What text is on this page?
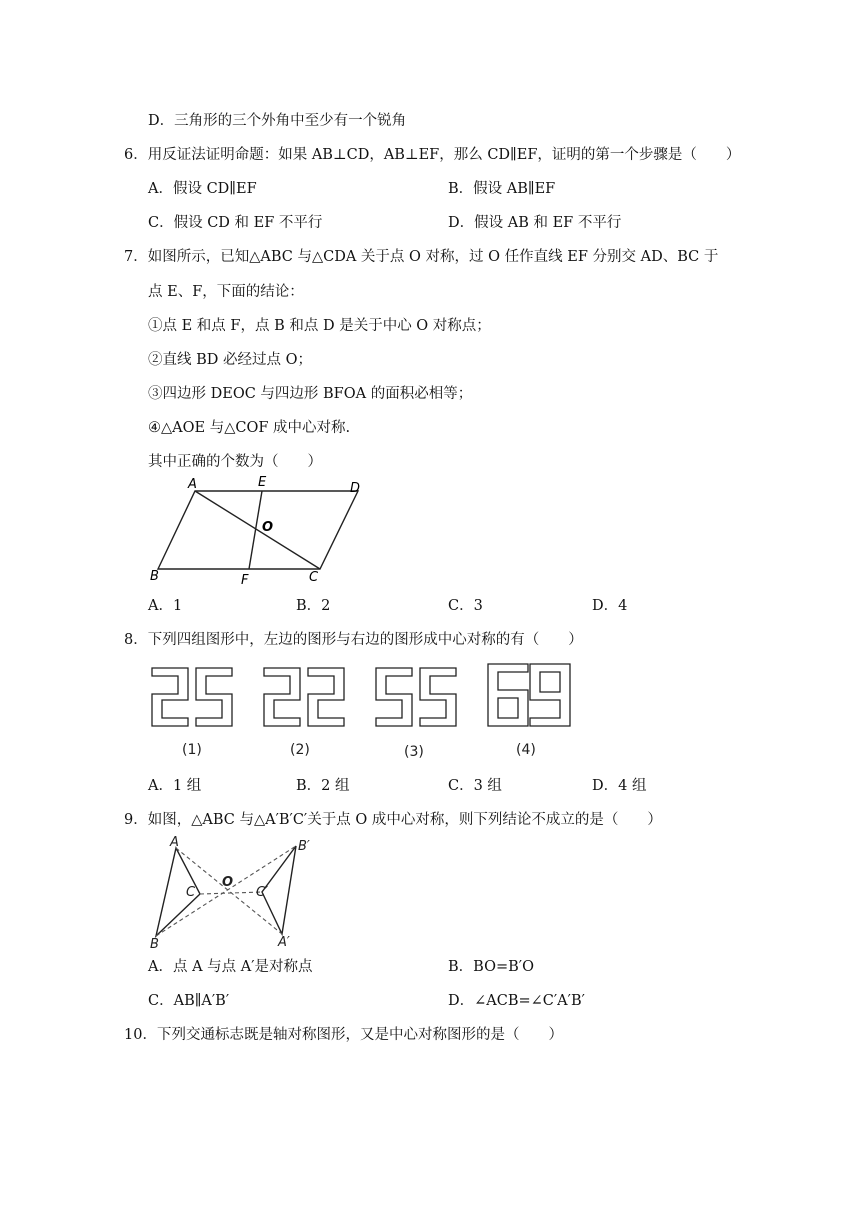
D．三角形的三个外角中至少有一个锐角
6．用反证法证明命题：如果 AB⊥CD，AB⊥EF，那么 CD∥EF，证明的第一个步骤是（　　）
A．假设 CD∥EF	B．假设 AB∥EF
C．假设 CD 和 EF 不平行	D．假设 AB 和 EF 不平行
7．如图所示，已知△ABC 与△CDA 关于点 O 对称，过 O 任作直线 EF 分别交 AD、BC 于
点 E、F，下面的结论：
①点 E 和点 F，点 B 和点 D 是关于中心 O 对称点；
②直线 BD 必经过点 O；
③四边形 DEOC 与四边形 BFOA 的面积必相等；
④△AOE 与△COF 成中心对称.
其中正确的个数为（　　）
A	E	D
O
B	F	C
A．1	B．2	C．3	D．4
8．下列四组图形中，左边的图形与右边的图形成中心对称的有（　　）
(1)	(2)	(3)	(4)
A．1 组	B．2 组	C．3 组	D．4 组
9．如图，△ABC 与△A′B′C′关于点 O 成中心对称，则下列结论不成立的是（　　）
A
B
C
O
B′
A′
C′
A．点 A 与点 A′是对称点	B．BO=B′O
C．AB∥A′B′	D．∠ACB=∠C′A′B′
10．下列交通标志既是轴对称图形，又是中心对称图形的是（　　）
